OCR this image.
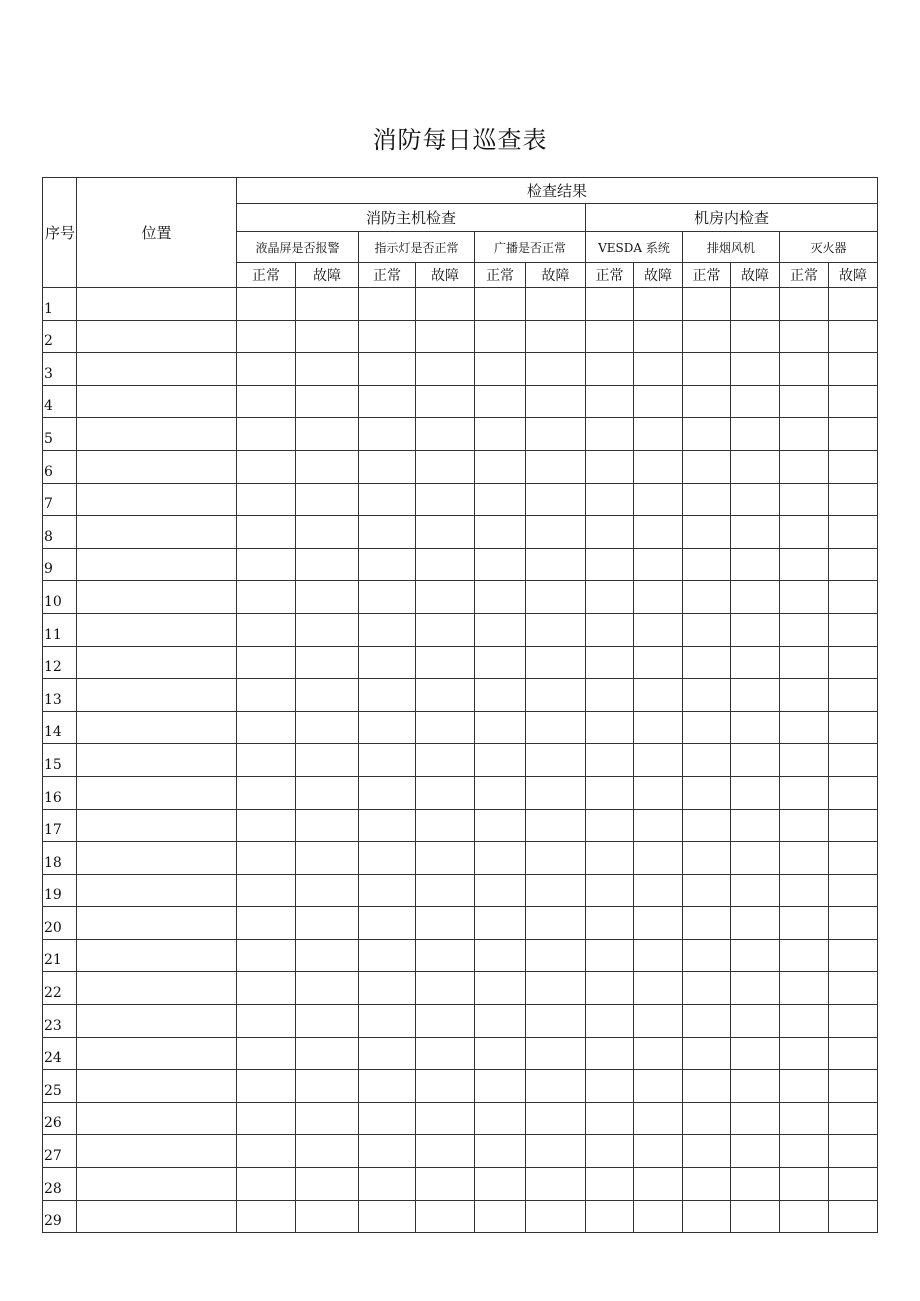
消防每日巡查表
序号	位置	检查结果											
		消防主机检查						机房内检查					
		液晶屏是否报警		指示灯是否正常		广播是否正常		VESDA 系统		排烟风机		灭火器	
		正常	故障	正常	故障	正常	故障	正常	故障	正常	故障	正常	故障
1													
2													
3													
4													
5													
6													
7													
8													
9													
10													
11													
12													
13													
14													
15													
16													
17													
18													
19													
20													
21													
22													
23													
24													
25													
26													
27													
28													
29													
